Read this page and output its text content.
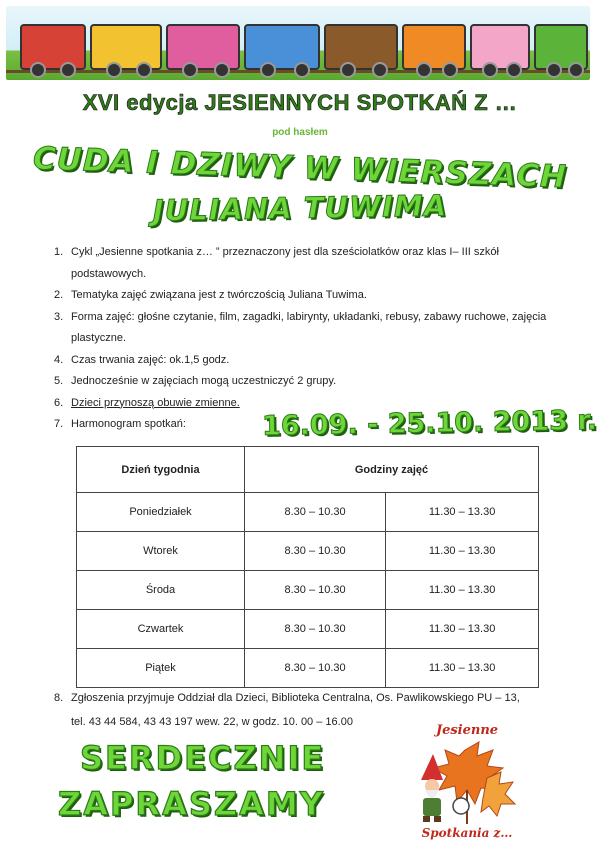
XVI edycja JESIENNYCH SPOTKAŃ Z …
pod hasłem
CUDA I DZIWY W WIERSZACH
JULIANA TUWIMA
1. Cykl „Jesienne spotkania z… ” przeznaczony jest dla sześciolatków oraz klas I– III szkół podstawowych.
2. Tematyka zajęć związana jest z twórczością Juliana Tuwima.
3. Forma zajęć: głośne czytanie, film, zagadki, labirynty, układanki, rebusy, zabawy ruchowe, zajęcia plastyczne.
4. Czas trwania zajęć: ok.1,5 godz.
5. Jednocześnie w zajęciach mogą uczestniczyć 2 grupy.
6. Dzieci przynoszą obuwie zmienne.
7. Harmonogram spotkań:	16.09. - 25.10. 2013 r.
Dzień tygodnia	Godziny zajęć	
Poniedziałek	8.30 – 10.30	11.30 – 13.30
Wtorek	8.30 – 10.30	11.30 – 13.30
Środa	8.30 – 10.30	11.30 – 13.30
Czwartek	8.30 – 10.30	11.30 – 13.30
Piątek	8.30 – 10.30	11.30 – 13.30
8. Zgłoszenia przyjmuje Oddział dla Dzieci, Biblioteka Centralna, Os. Pawlikowskiego PU – 13,
tel. 43 44 584, 43 43 197 wew. 22, w godz. 10. 00 – 16.00
SERDECZNIE
ZAPRASZAMY
Jesienne
Spotkania z…
